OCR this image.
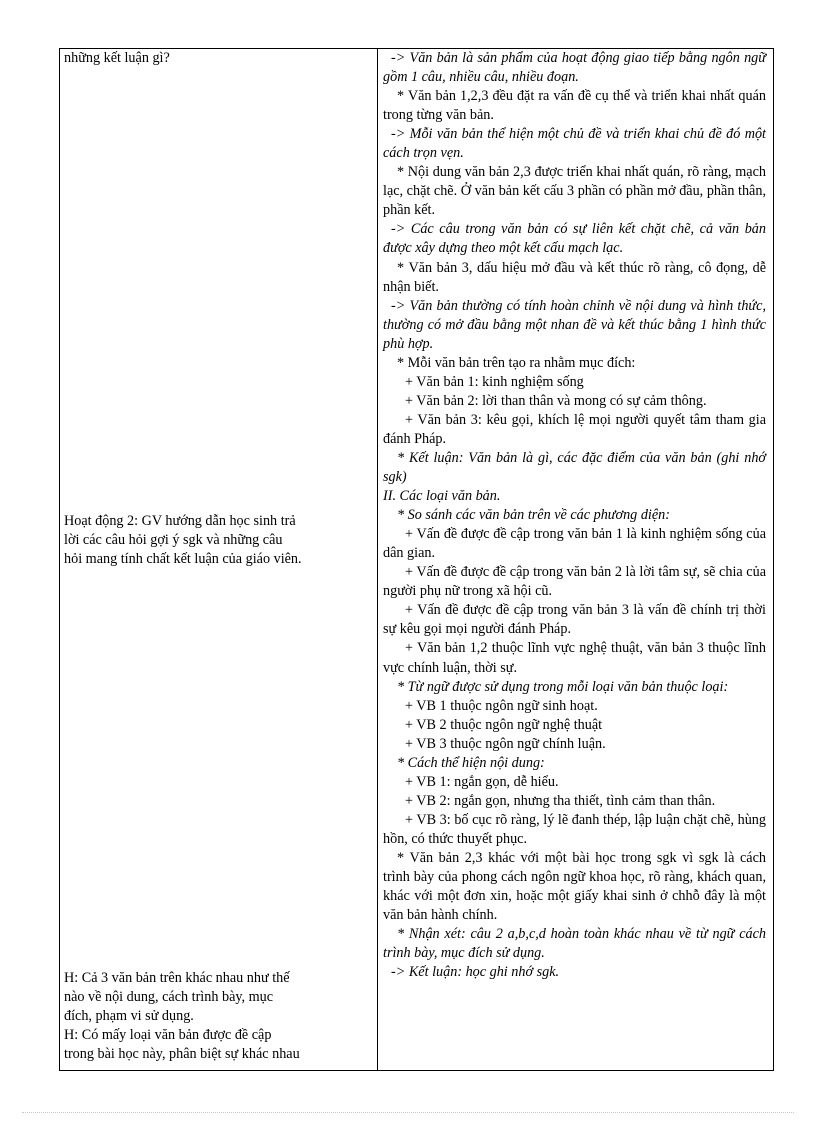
những kết luận gì?
Hoạt động 2: GV hướng dẫn học sinh trả
lời các câu hỏi gợi ý sgk và những câu
hỏi mang tính chất kết luận của giáo viên.
H: Cả 3 văn bản trên khác nhau như thế
nào về nội dung, cách trình bày, mục
đích, phạm vi sử dụng.
H: Có mấy loại văn bản được đề cập
trong bài học này, phân biệt sự khác nhau

-> Văn bản là sản phẩm của hoạt động giao tiếp bằng ngôn ngữ gồm 1 câu, nhiều câu, nhiều đoạn.

* Văn bản 1,2,3 đều đặt ra vấn đề cụ thể và triển khai nhất quán trong từng văn bản.

-> Mỗi văn bản thể hiện một chủ đề và triển khai chủ đề đó một cách trọn vẹn.

* Nội dung văn bản 2,3 được triển khai nhất quán, rõ ràng, mạch lạc, chặt chẽ. Ở văn bản kết cấu 3 phần có phần mở đầu, phần thân, phần kết.

-> Các câu trong văn bản có sự liên kết chặt chẽ, cả văn bản được xây dựng theo một kết cấu mạch lạc.

* Văn bản 3, dấu hiệu mở đầu và kết thúc rõ ràng, cô đọng, dễ nhận biết.

-> Văn bản thường có tính hoàn chỉnh về nội dung và hình thức, thường có mở đầu bằng một nhan đề và kết thúc bằng 1 hình thức phù hợp.

* Mỗi văn bản trên tạo ra nhằm mục đích:

+ Văn bản 1: kinh nghiệm sống

+ Văn bản 2: lời than thân và mong có sự cảm thông.

+ Văn bản 3: kêu gọi, khích lệ mọi người quyết tâm tham gia đánh Pháp.

* Kết luận: Văn bản là gì, các đặc điểm của văn bản (ghi nhớ sgk)

II. Các loại văn bản.

* So sánh các văn bản trên về các phương diện:

+ Vấn đề được đề cập trong văn bản 1 là kinh nghiệm sống của dân gian.

+ Vấn đề được đề cập trong văn bản 2 là lời tâm sự, sẽ chia của người phụ nữ trong xã hội cũ.

+ Vấn đề được đề cập trong văn bản 3 là vấn đề chính trị thời sự kêu gọi mọi người đánh Pháp.

+ Văn bản 1,2 thuộc lĩnh vực nghệ thuật, văn bản 3 thuộc lĩnh vực chính luận, thời sự.

* Từ ngữ được sử dụng trong mỗi loại văn bản thuộc loại:

+ VB 1 thuộc ngôn ngữ sinh hoạt.

+ VB 2 thuộc ngôn ngữ nghệ thuật

+ VB 3 thuộc ngôn ngữ chính luận.

* Cách thể hiện nội dung:

+ VB 1: ngắn gọn, dễ hiểu.

+ VB 2: ngắn gọn, nhưng tha thiết, tình cảm than thân.

+ VB 3: bố cục rõ ràng, lý lẽ đanh thép, lập luận chặt chẽ, hùng hồn, có thức thuyết phục.

* Văn bản 2,3 khác với một bài học trong sgk vì sgk là cách trình bày của phong cách ngôn ngữ khoa học, rõ ràng, khách quan, khác với một đơn xin, hoặc một giấy khai sinh ở chhỗ đây là một văn bản hành chính.

* Nhận xét: câu 2 a,b,c,d hoàn toàn khác nhau về từ ngữ cách trình bày, mục đích sử dụng.

-> Kết luận: học ghi nhớ sgk.
